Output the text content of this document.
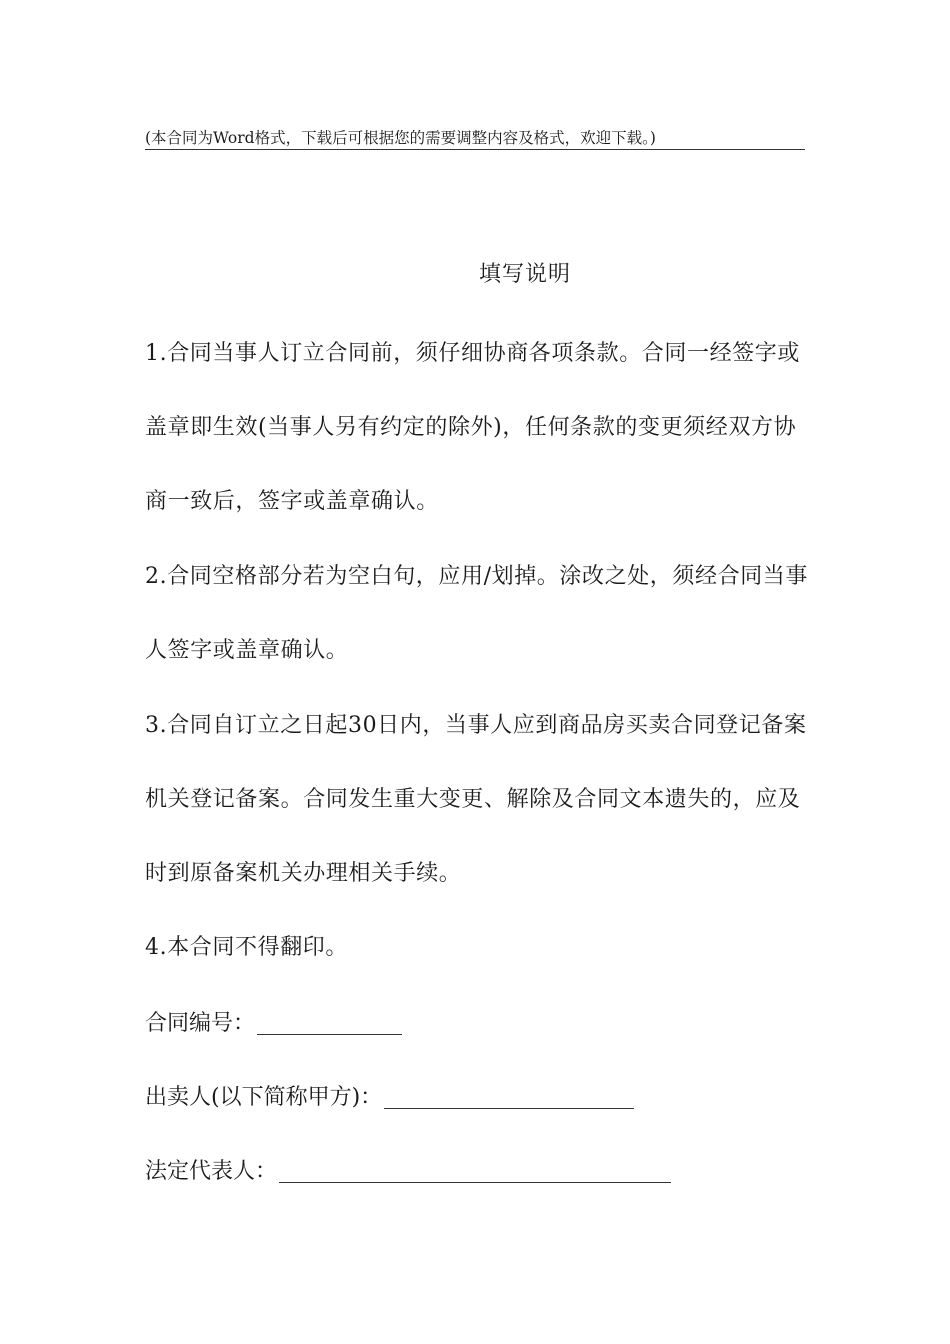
(本合同为Word格式，下载后可根据您的需要调整内容及格式，欢迎下载。)
填写说明
1.合同当事人订立合同前，须仔细协商各项条款。合同一经签字或盖章即生效(当事人另有约定的除外)，任何条款的变更须经双方协商一致后，签字或盖章确认。
2.合同空格部分若为空白句，应用/划掉。涂改之处，须经合同当事人签字或盖章确认。
3.合同自订立之日起30日内，当事人应到商品房买卖合同登记备案机关登记备案。合同发生重大变更、解除及合同文本遗失的，应及时到原备案机关办理相关手续。
4.本合同不得翻印。
合同编号：
出卖人(以下简称甲方)：
法定代表人：
